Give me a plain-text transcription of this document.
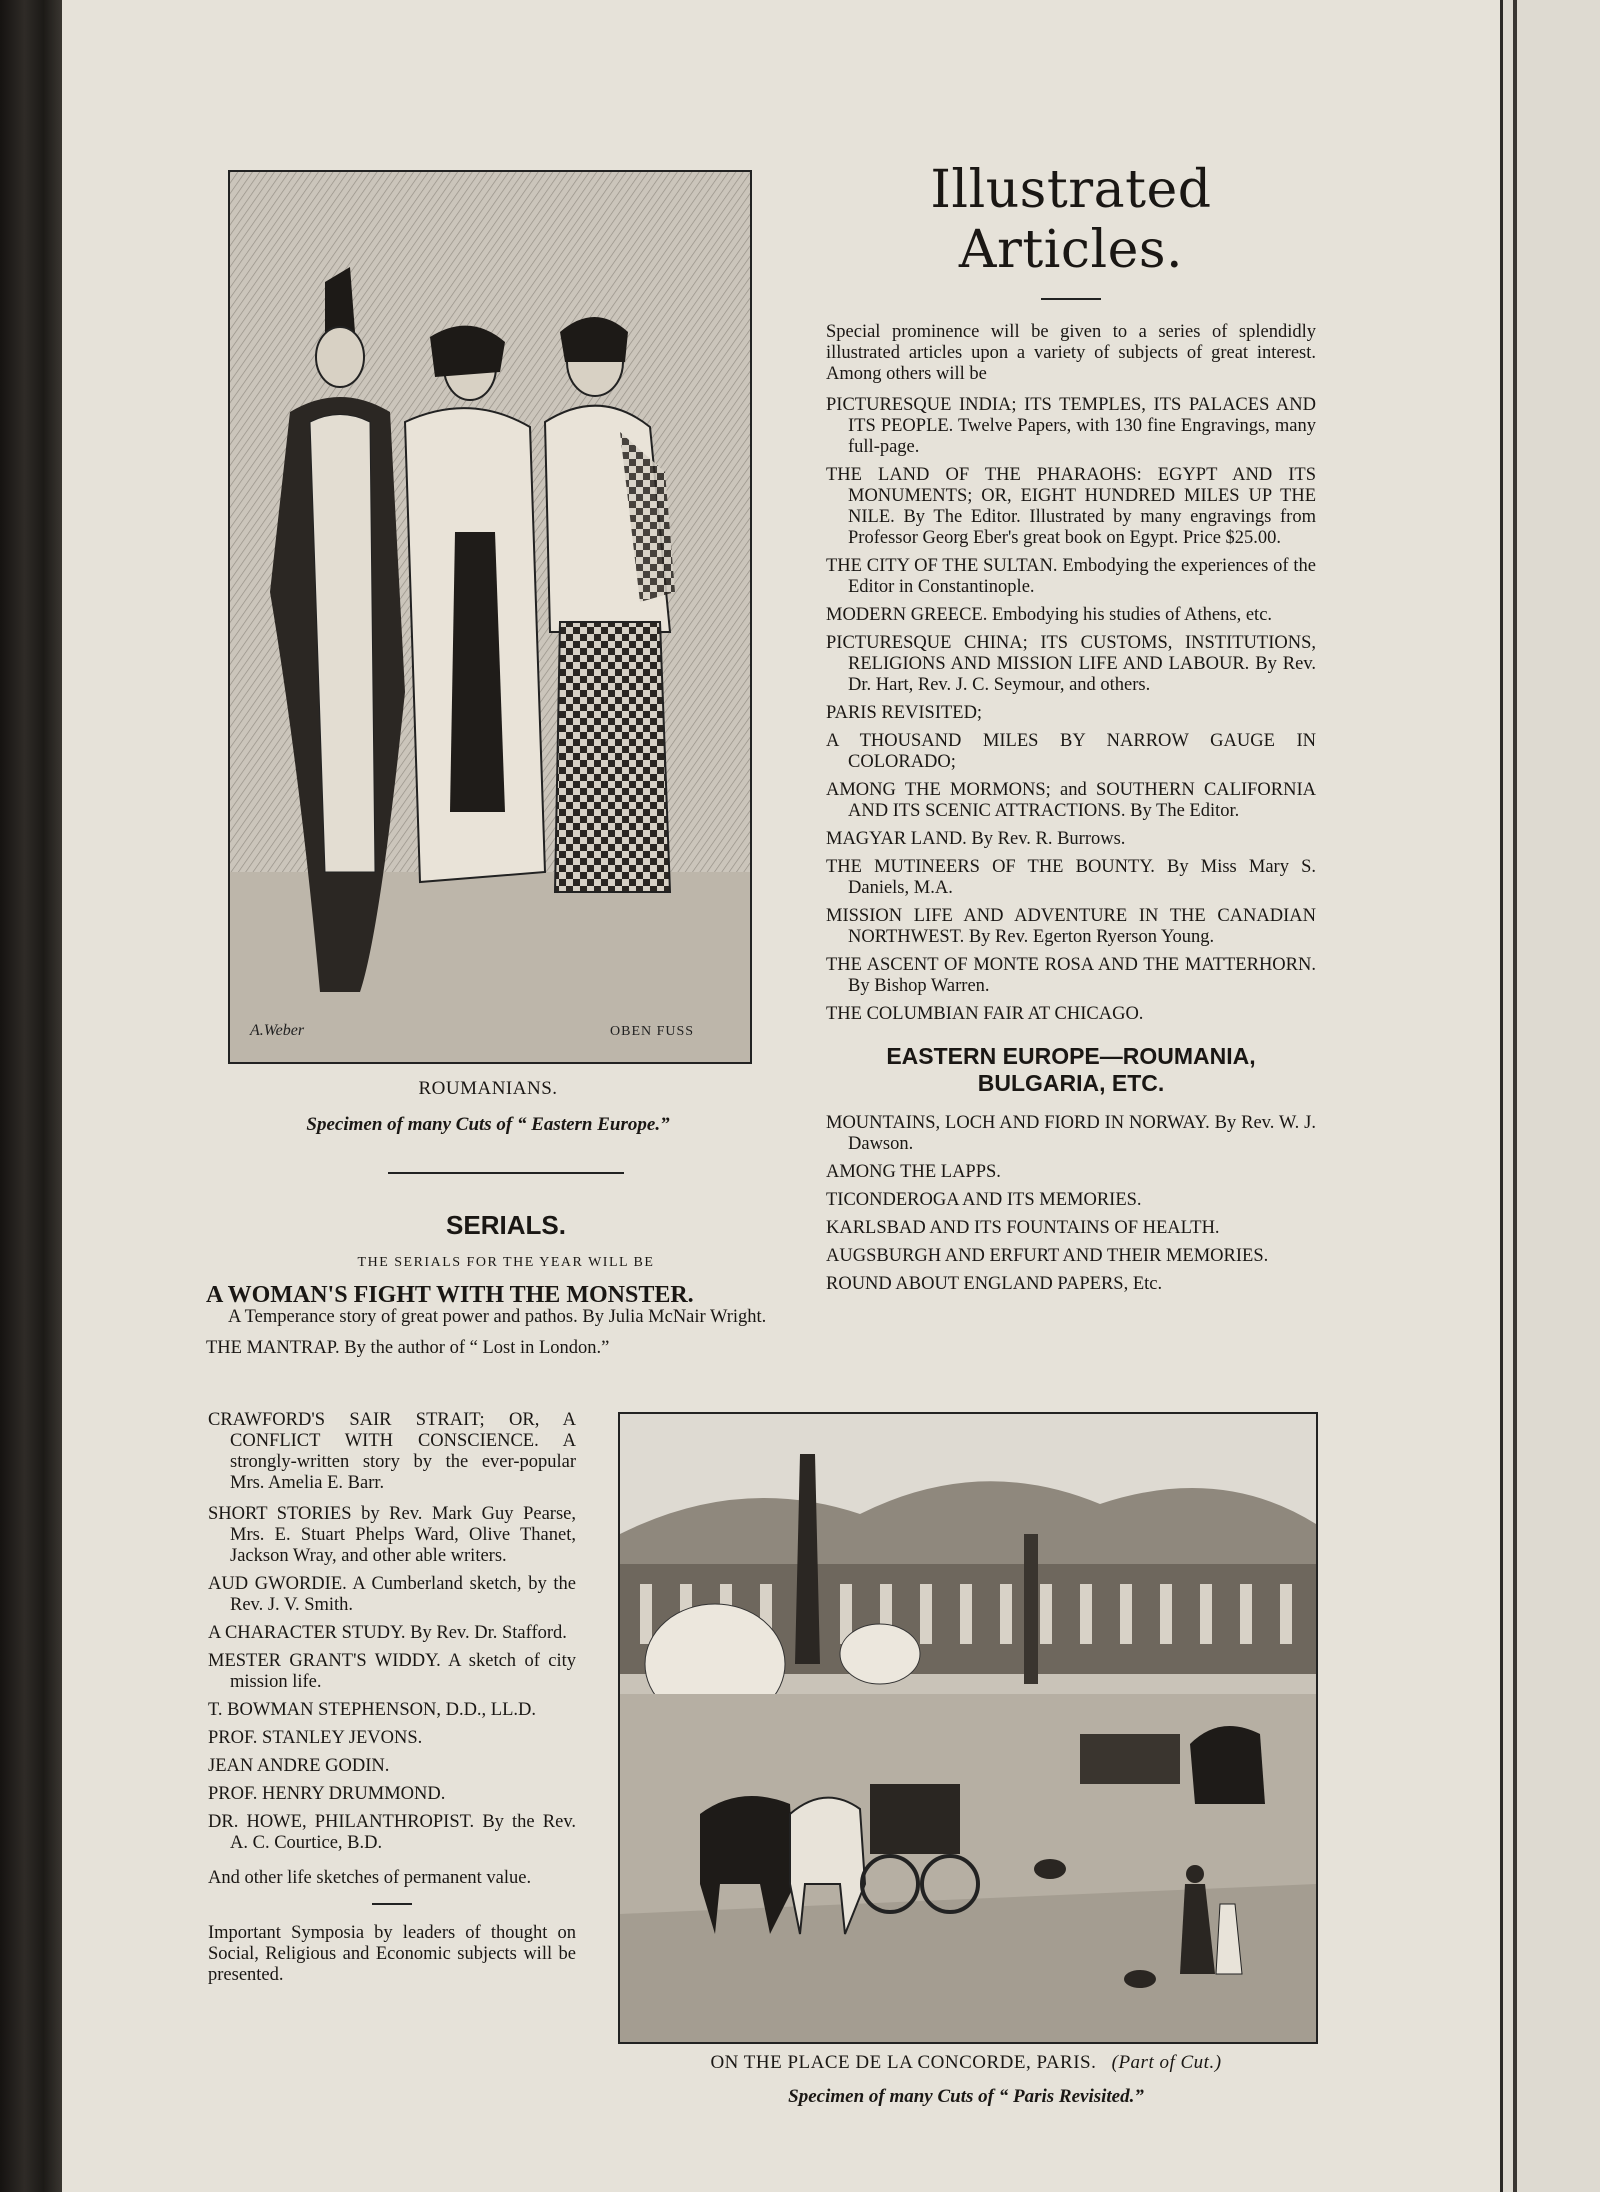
A.Weber	OBEN FUSS
ROUMANIANS.
Specimen of many Cuts of “ Eastern Europe.”
Illustrated Articles.

Special prominence will be given to a series of splendidly illustrated articles upon a variety of subjects of great interest. Among others will be

PICTURESQUE INDIA; ITS TEMPLES, ITS PALACES AND ITS PEOPLE. Twelve Papers, with 130 fine Engravings, many full-page.

THE LAND OF THE PHARAOHS: EGYPT AND ITS MONUMENTS; OR, EIGHT HUNDRED MILES UP THE NILE. By The Editor. Illustrated by many engravings from Professor Georg Eber's great book on Egypt. Price $25.00.

THE CITY OF THE SULTAN. Embodying the experiences of the Editor in Constantinople.

MODERN GREECE. Embodying his studies of Athens, etc.

PICTURESQUE CHINA; ITS CUSTOMS, INSTITUTIONS, RELIGIONS AND MISSION LIFE AND LABOUR. By Rev. Dr. Hart, Rev. J. C. Seymour, and others.

PARIS REVISITED;

A THOUSAND MILES BY NARROW GAUGE IN COLORADO;

AMONG THE MORMONS; and SOUTHERN CALIFORNIA AND ITS SCENIC ATTRACTIONS. By The Editor.

MAGYAR LAND. By Rev. R. Burrows.

THE MUTINEERS OF THE BOUNTY. By Miss Mary S. Daniels, M.A.

MISSION LIFE AND ADVENTURE IN THE CANADIAN NORTHWEST. By Rev. Egerton Ryerson Young.

THE ASCENT OF MONTE ROSA AND THE MATTERHORN. By Bishop Warren.

THE COLUMBIAN FAIR AT CHICAGO.

EASTERN EUROPE—ROUMANIA, BULGARIA, ETC.

MOUNTAINS, LOCH AND FIORD IN NORWAY. By Rev. W. J. Dawson.

AMONG THE LAPPS.

TICONDEROGA AND ITS MEMORIES.

KARLSBAD AND ITS FOUNTAINS OF HEALTH.

AUGSBURGH AND ERFURT AND THEIR MEMORIES.

ROUND ABOUT ENGLAND PAPERS, Etc.

SERIALS.
THE SERIALS FOR THE YEAR WILL BE
A WOMAN'S FIGHT WITH THE MONSTER.

A Temperance story of great power and pathos. By Julia McNair Wright.

THE MANTRAP. By the author of “ Lost in London.”

CRAWFORD'S SAIR STRAIT; OR, A CONFLICT WITH CONSCIENCE. A strongly-written story by the ever-popular Mrs. Amelia E. Barr.

SHORT STORIES by Rev. Mark Guy Pearse, Mrs. E. Stuart Phelps Ward, Olive Thanet, Jackson Wray, and other able writers.

AUD GWORDIE. A Cumberland sketch, by the Rev. J. V. Smith.

A CHARACTER STUDY. By Rev. Dr. Stafford.

MESTER GRANT'S WIDDY. A sketch of city mission life.

T. BOWMAN STEPHENSON, D.D., LL.D.

PROF. STANLEY JEVONS.

JEAN ANDRE GODIN.

PROF. HENRY DRUMMOND.

DR. HOWE, PHILANTHROPIST. By the Rev. A. C. Courtice, B.D.

And other life sketches of permanent value.

Important Symposia by leaders of thought on Social, Religious and Economic subjects will be presented.

ON THE PLACE DE LA CONCORDE, PARIS. (Part of Cut.)
Specimen of many Cuts of “ Paris Revisited.”
